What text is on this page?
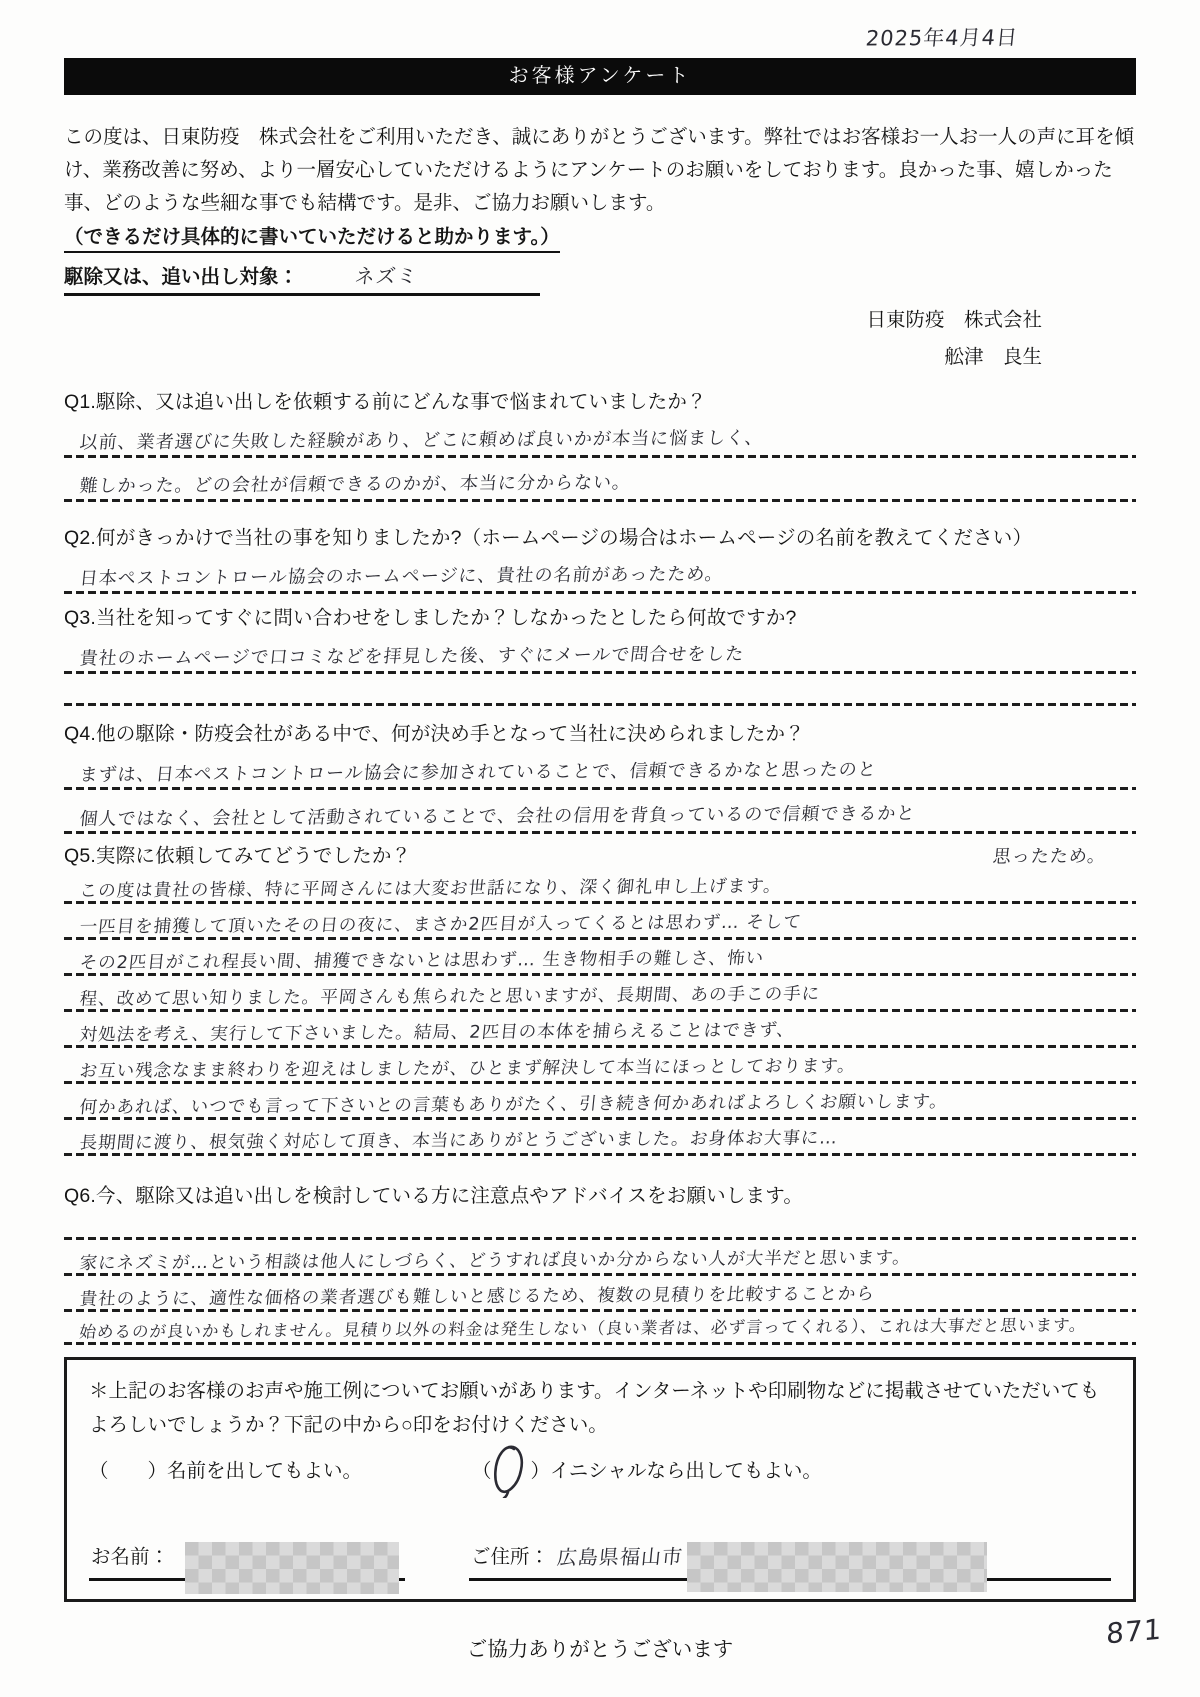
2025年4月4日
お客様アンケート
この度は、日東防疫　株式会社をご利用いただき、誠にありがとうございます。弊社ではお客様お一人お一人の声に耳を傾け、業務改善に努め、より一層安心していただけるようにアンケートのお願いをしております。良かった事、嬉しかった事、どのような些細な事でも結構です。是非、ご協力お願いします。
（できるだけ具体的に書いていただけると助かります。）
駆除又は、追い出し対象：	ネズミ
日東防疫　株式会社
舩津　良生
Q1.駆除、又は追い出しを依頼する前にどんな事で悩まれていましたか？
以前、業者選びに失敗した経験があり、どこに頼めば良いかが本当に悩ましく、
難しかった。どの会社が信頼できるのかが、本当に分からない。
Q2.何がきっかけで当社の事を知りましたか?（ホームページの場合はホームページの名前を教えてください）
日本ペストコントロール協会のホームページに、貴社の名前があったため。
Q3.当社を知ってすぐに問い合わせをしましたか？しなかったとしたら何故ですか?
貴社のホームページで口コミなどを拝見した後、すぐにメールで問合せをした
Q4.他の駆除・防疫会社がある中で、何が決め手となって当社に決められましたか？
まずは、日本ペストコントロール協会に参加されていることで、信頼できるかなと思ったのと
個人ではなく、会社として活動されていることで、会社の信用を背負っているので信頼できるかと
Q5.実際に依頼してみてどうでしたか？	思ったため。
この度は貴社の皆様、特に平岡さんには大変お世話になり、深く御礼申し上げます。
一匹目を捕獲して頂いたその日の夜に、まさか2匹目が入ってくるとは思わず… そして
その2匹目がこれ程長い間、捕獲できないとは思わず… 生き物相手の難しさ、怖い
程、改めて思い知りました。平岡さんも焦られたと思いますが、長期間、あの手この手に
対処法を考え、実行して下さいました。結局、2匹目の本体を捕らえることはできず、
お互い残念なまま終わりを迎えはしましたが、ひとまず解決して本当にほっとしております。
何かあれば、いつでも言って下さいとの言葉もありがたく、引き続き何かあればよろしくお願いします。
長期間に渡り、根気強く対応して頂き、本当にありがとうございました。お身体お大事に…
Q6.今、駆除又は追い出しを検討している方に注意点やアドバイスをお願いします。
家にネズミが…という相談は他人にしづらく、どうすれば良いか分からない人が大半だと思います。
貴社のように、適性な価格の業者選びも難しいと感じるため、複数の見積りを比較することから
始めるのが良いかもしれません。見積り以外の料金は発生しない（良い業者は、必ず言ってくれる）、これは大事だと思います。
＊上記のお客様のお声や施工例についてお願いがあります。インターネットや印刷物などに掲載させていただいてもよろしいでしょうか？下記の中から○印をお付けください。
（　　）名前を出してもよい。	（　　）イニシャルなら出してもよい。
お名前：	ご住所： 広島県福山市
ご協力ありがとうございます	871
